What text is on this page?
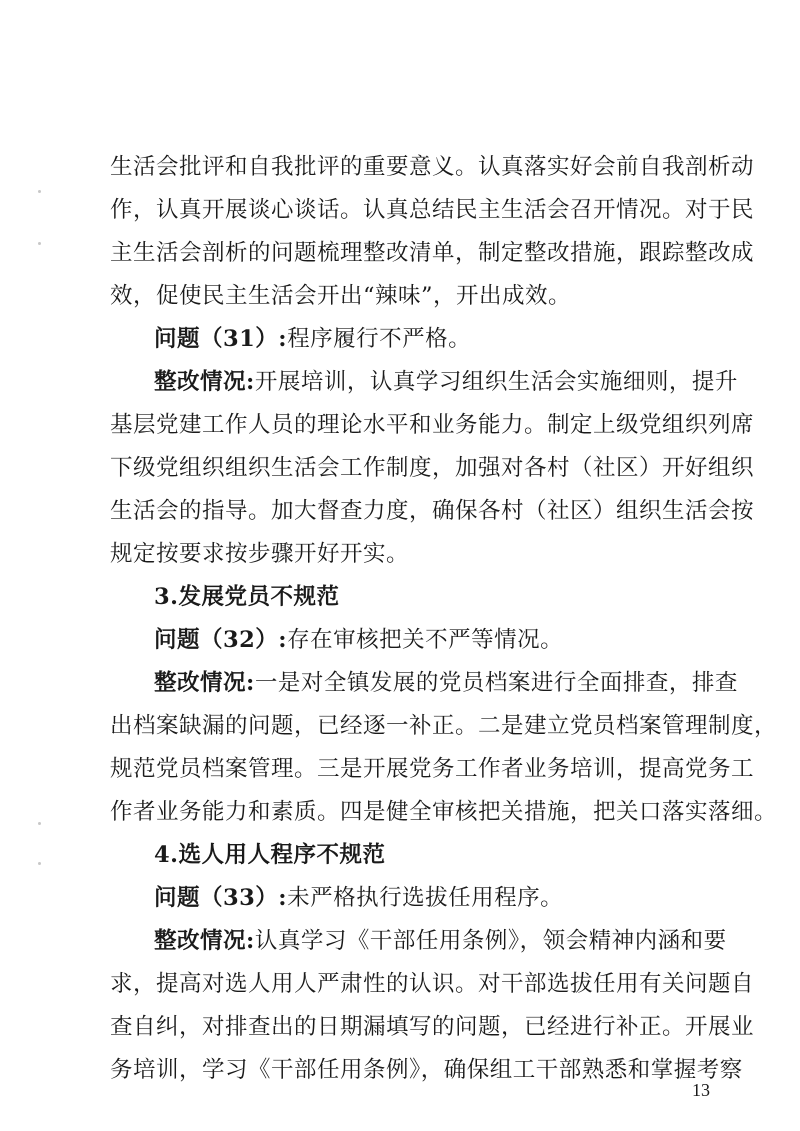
生活会批评和自我批评的重要意义。认真落实好会前自我剖析动
作，认真开展谈心谈话。认真总结民主生活会召开情况。对于民
主生活会剖析的问题梳理整改清单，制定整改措施，跟踪整改成
效，促使民主生活会开出“辣味”，开出成效。
问题（31）:程序履行不严格。
整改情况:开展培训，认真学习组织生活会实施细则，提升
基层党建工作人员的理论水平和业务能力。制定上级党组织列席
下级党组织组织生活会工作制度，加强对各村（社区）开好组织
生活会的指导。加大督查力度，确保各村（社区）组织生活会按
规定按要求按步骤开好开实。
3.发展党员不规范
问题（32）:存在审核把关不严等情况。
整改情况:一是对全镇发展的党员档案进行全面排查，排查
出档案缺漏的问题，已经逐一补正。二是建立党员档案管理制度，
规范党员档案管理。三是开展党务工作者业务培训，提高党务工
作者业务能力和素质。四是健全审核把关措施，把关口落实落细。
4.选人用人程序不规范
问题（33）:未严格执行选拔任用程序。
整改情况:认真学习《干部任用条例》，领会精神内涵和要
求，提高对选人用人严肃性的认识。对干部选拔任用有关问题自
查自纠，对排查出的日期漏填写的问题，已经进行补正。开展业
务培训，学习《干部任用条例》，确保组工干部熟悉和掌握考察
13
